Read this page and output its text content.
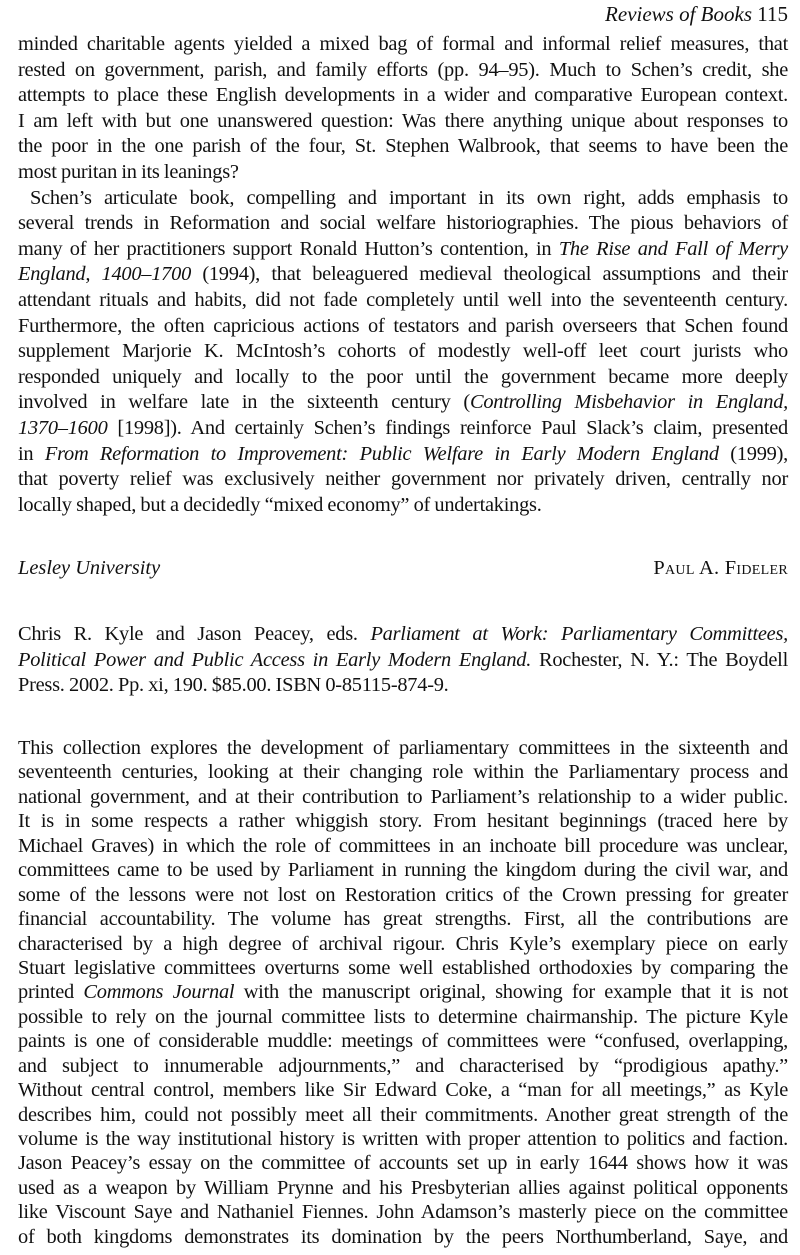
Reviews of Books 115
minded charitable agents yielded a mixed bag of formal and informal relief measures, that
rested on government, parish, and family efforts (pp. 94–95). Much to Schen’s credit, she
attempts to place these English developments in a wider and comparative European context.
I am left with but one unanswered question: Was there anything unique about responses to
the poor in the one parish of the four, St. Stephen Walbrook, that seems to have been the
most puritan in its leanings?
Schen’s articulate book, compelling and important in its own right, adds emphasis to
several trends in Reformation and social welfare historiographies. The pious behaviors of
many of her practitioners support Ronald Hutton’s contention, in The Rise and Fall of Merry
England, 1400–1700 (1994), that beleaguered medieval theological assumptions and their
attendant rituals and habits, did not fade completely until well into the seventeenth century.
Furthermore, the often capricious actions of testators and parish overseers that Schen found
supplement Marjorie K. McIntosh’s cohorts of modestly well-off leet court jurists who
responded uniquely and locally to the poor until the government became more deeply
involved in welfare late in the sixteenth century (Controlling Misbehavior in England,
1370–1600 [1998]). And certainly Schen’s findings reinforce Paul Slack’s claim, presented
in From Reformation to Improvement: Public Welfare in Early Modern England (1999),
that poverty relief was exclusively neither government nor privately driven, centrally nor
locally shaped, but a decidedly “mixed economy” of undertakings.
Lesley University	Paul A. Fideler
Chris R. Kyle and Jason Peacey, eds. Parliament at Work: Parliamentary Committees,
Political Power and Public Access in Early Modern England. Rochester, N. Y.: The Boydell
Press. 2002. Pp. xi, 190. $85.00. ISBN 0-85115-874-9.
This collection explores the development of parliamentary committees in the sixteenth and
seventeenth centuries, looking at their changing role within the Parliamentary process and
national government, and at their contribution to Parliament’s relationship to a wider public.
It is in some respects a rather whiggish story. From hesitant beginnings (traced here by
Michael Graves) in which the role of committees in an inchoate bill procedure was unclear,
committees came to be used by Parliament in running the kingdom during the civil war, and
some of the lessons were not lost on Restoration critics of the Crown pressing for greater
financial accountability. The volume has great strengths. First, all the contributions are
characterised by a high degree of archival rigour. Chris Kyle’s exemplary piece on early
Stuart legislative committees overturns some well established orthodoxies by comparing the
printed Commons Journal with the manuscript original, showing for example that it is not
possible to rely on the journal committee lists to determine chairmanship. The picture Kyle
paints is one of considerable muddle: meetings of committees were “confused, overlapping,
and subject to innumerable adjournments,” and characterised by “prodigious apathy.”
Without central control, members like Sir Edward Coke, a “man for all meetings,” as Kyle
describes him, could not possibly meet all their commitments. Another great strength of the
volume is the way institutional history is written with proper attention to politics and faction.
Jason Peacey’s essay on the committee of accounts set up in early 1644 shows how it was
used as a weapon by William Prynne and his Presbyterian allies against political opponents
like Viscount Saye and Nathaniel Fiennes. John Adamson’s masterly piece on the committee
of both kingdoms demonstrates its domination by the peers Northumberland, Saye, and
